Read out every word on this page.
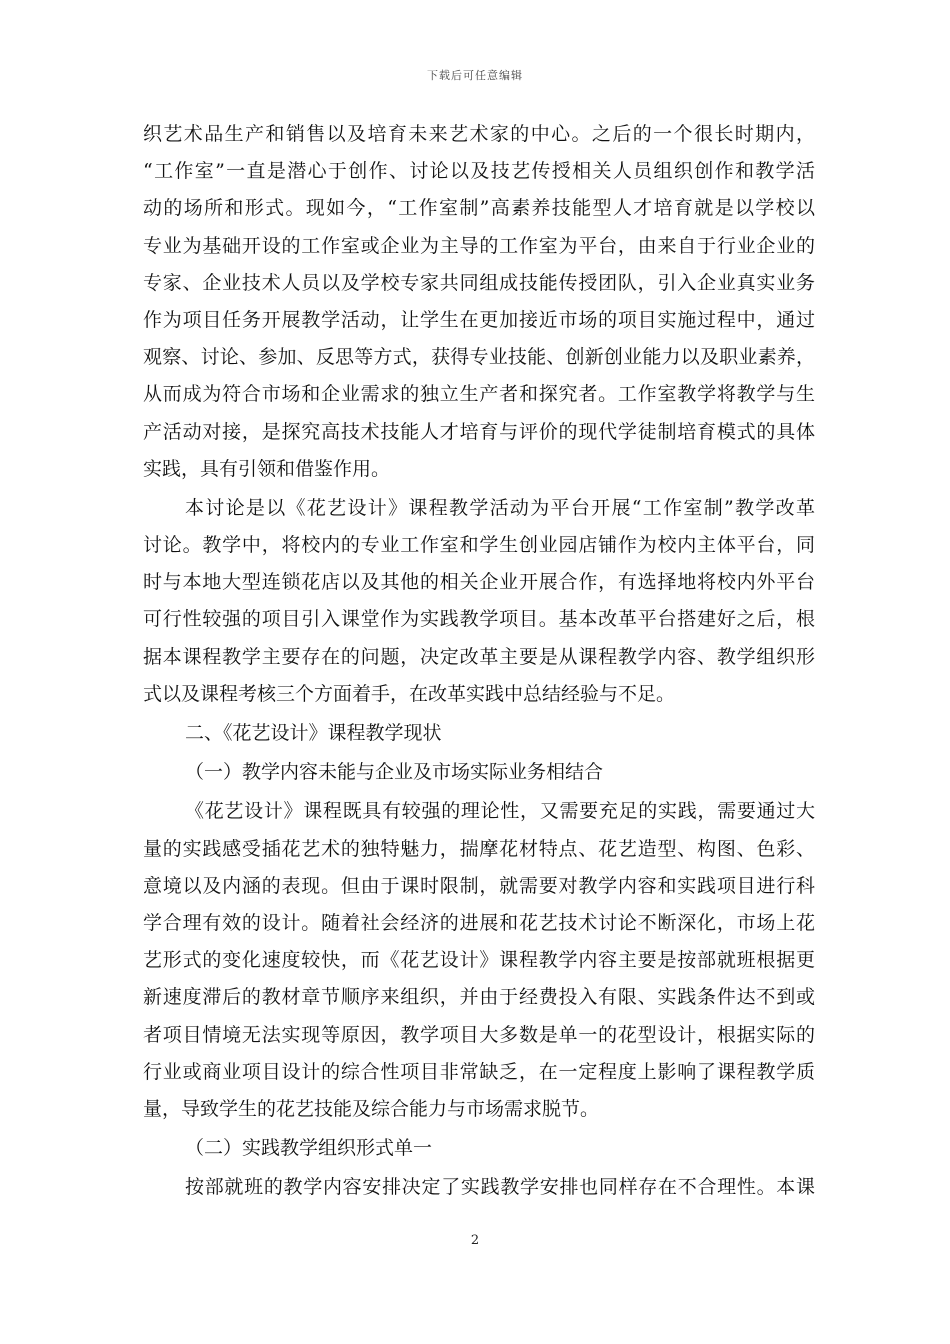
下载后可任意编辑
织艺术品生产和销售以及培育未来艺术家的中心。之后的一个很长时期内，
“工作室”一直是潜心于创作、讨论以及技艺传授相关人员组织创作和教学活
动的场所和形式。现如今，“工作室制”高素养技能型人才培育就是以学校以
专业为基础开设的工作室或企业为主导的工作室为平台，由来自于行业企业的
专家、企业技术人员以及学校专家共同组成技能传授团队，引入企业真实业务
作为项目任务开展教学活动，让学生在更加接近市场的项目实施过程中，通过
观察、讨论、参加、反思等方式，获得专业技能、创新创业能力以及职业素养，
从而成为符合市场和企业需求的独立生产者和探究者。工作室教学将教学与生
产活动对接，是探究高技术技能人才培育与评价的现代学徒制培育模式的具体
实践，具有引领和借鉴作用。
本讨论是以《花艺设计》课程教学活动为平台开展“工作室制”教学改革
讨论。教学中，将校内的专业工作室和学生创业园店铺作为校内主体平台，同
时与本地大型连锁花店以及其他的相关企业开展合作，有选择地将校内外平台
可行性较强的项目引入课堂作为实践教学项目。基本改革平台搭建好之后，根
据本课程教学主要存在的问题，决定改革主要是从课程教学内容、教学组织形
式以及课程考核三个方面着手，在改革实践中总结经验与不足。
二、《花艺设计》课程教学现状
（一）教学内容未能与企业及市场实际业务相结合
《花艺设计》课程既具有较强的理论性，又需要充足的实践，需要通过大
量的实践感受插花艺术的独特魅力，揣摩花材特点、花艺造型、构图、色彩、
意境以及内涵的表现。但由于课时限制，就需要对教学内容和实践项目进行科
学合理有效的设计。随着社会经济的进展和花艺技术讨论不断深化，市场上花
艺形式的变化速度较快，而《花艺设计》课程教学内容主要是按部就班根据更
新速度滞后的教材章节顺序来组织，并由于经费投入有限、实践条件达不到或
者项目情境无法实现等原因，教学项目大多数是单一的花型设计，根据实际的
行业或商业项目设计的综合性项目非常缺乏，在一定程度上影响了课程教学质
量，导致学生的花艺技能及综合能力与市场需求脱节。
（二）实践教学组织形式单一
按部就班的教学内容安排决定了实践教学安排也同样存在不合理性。本课
2
